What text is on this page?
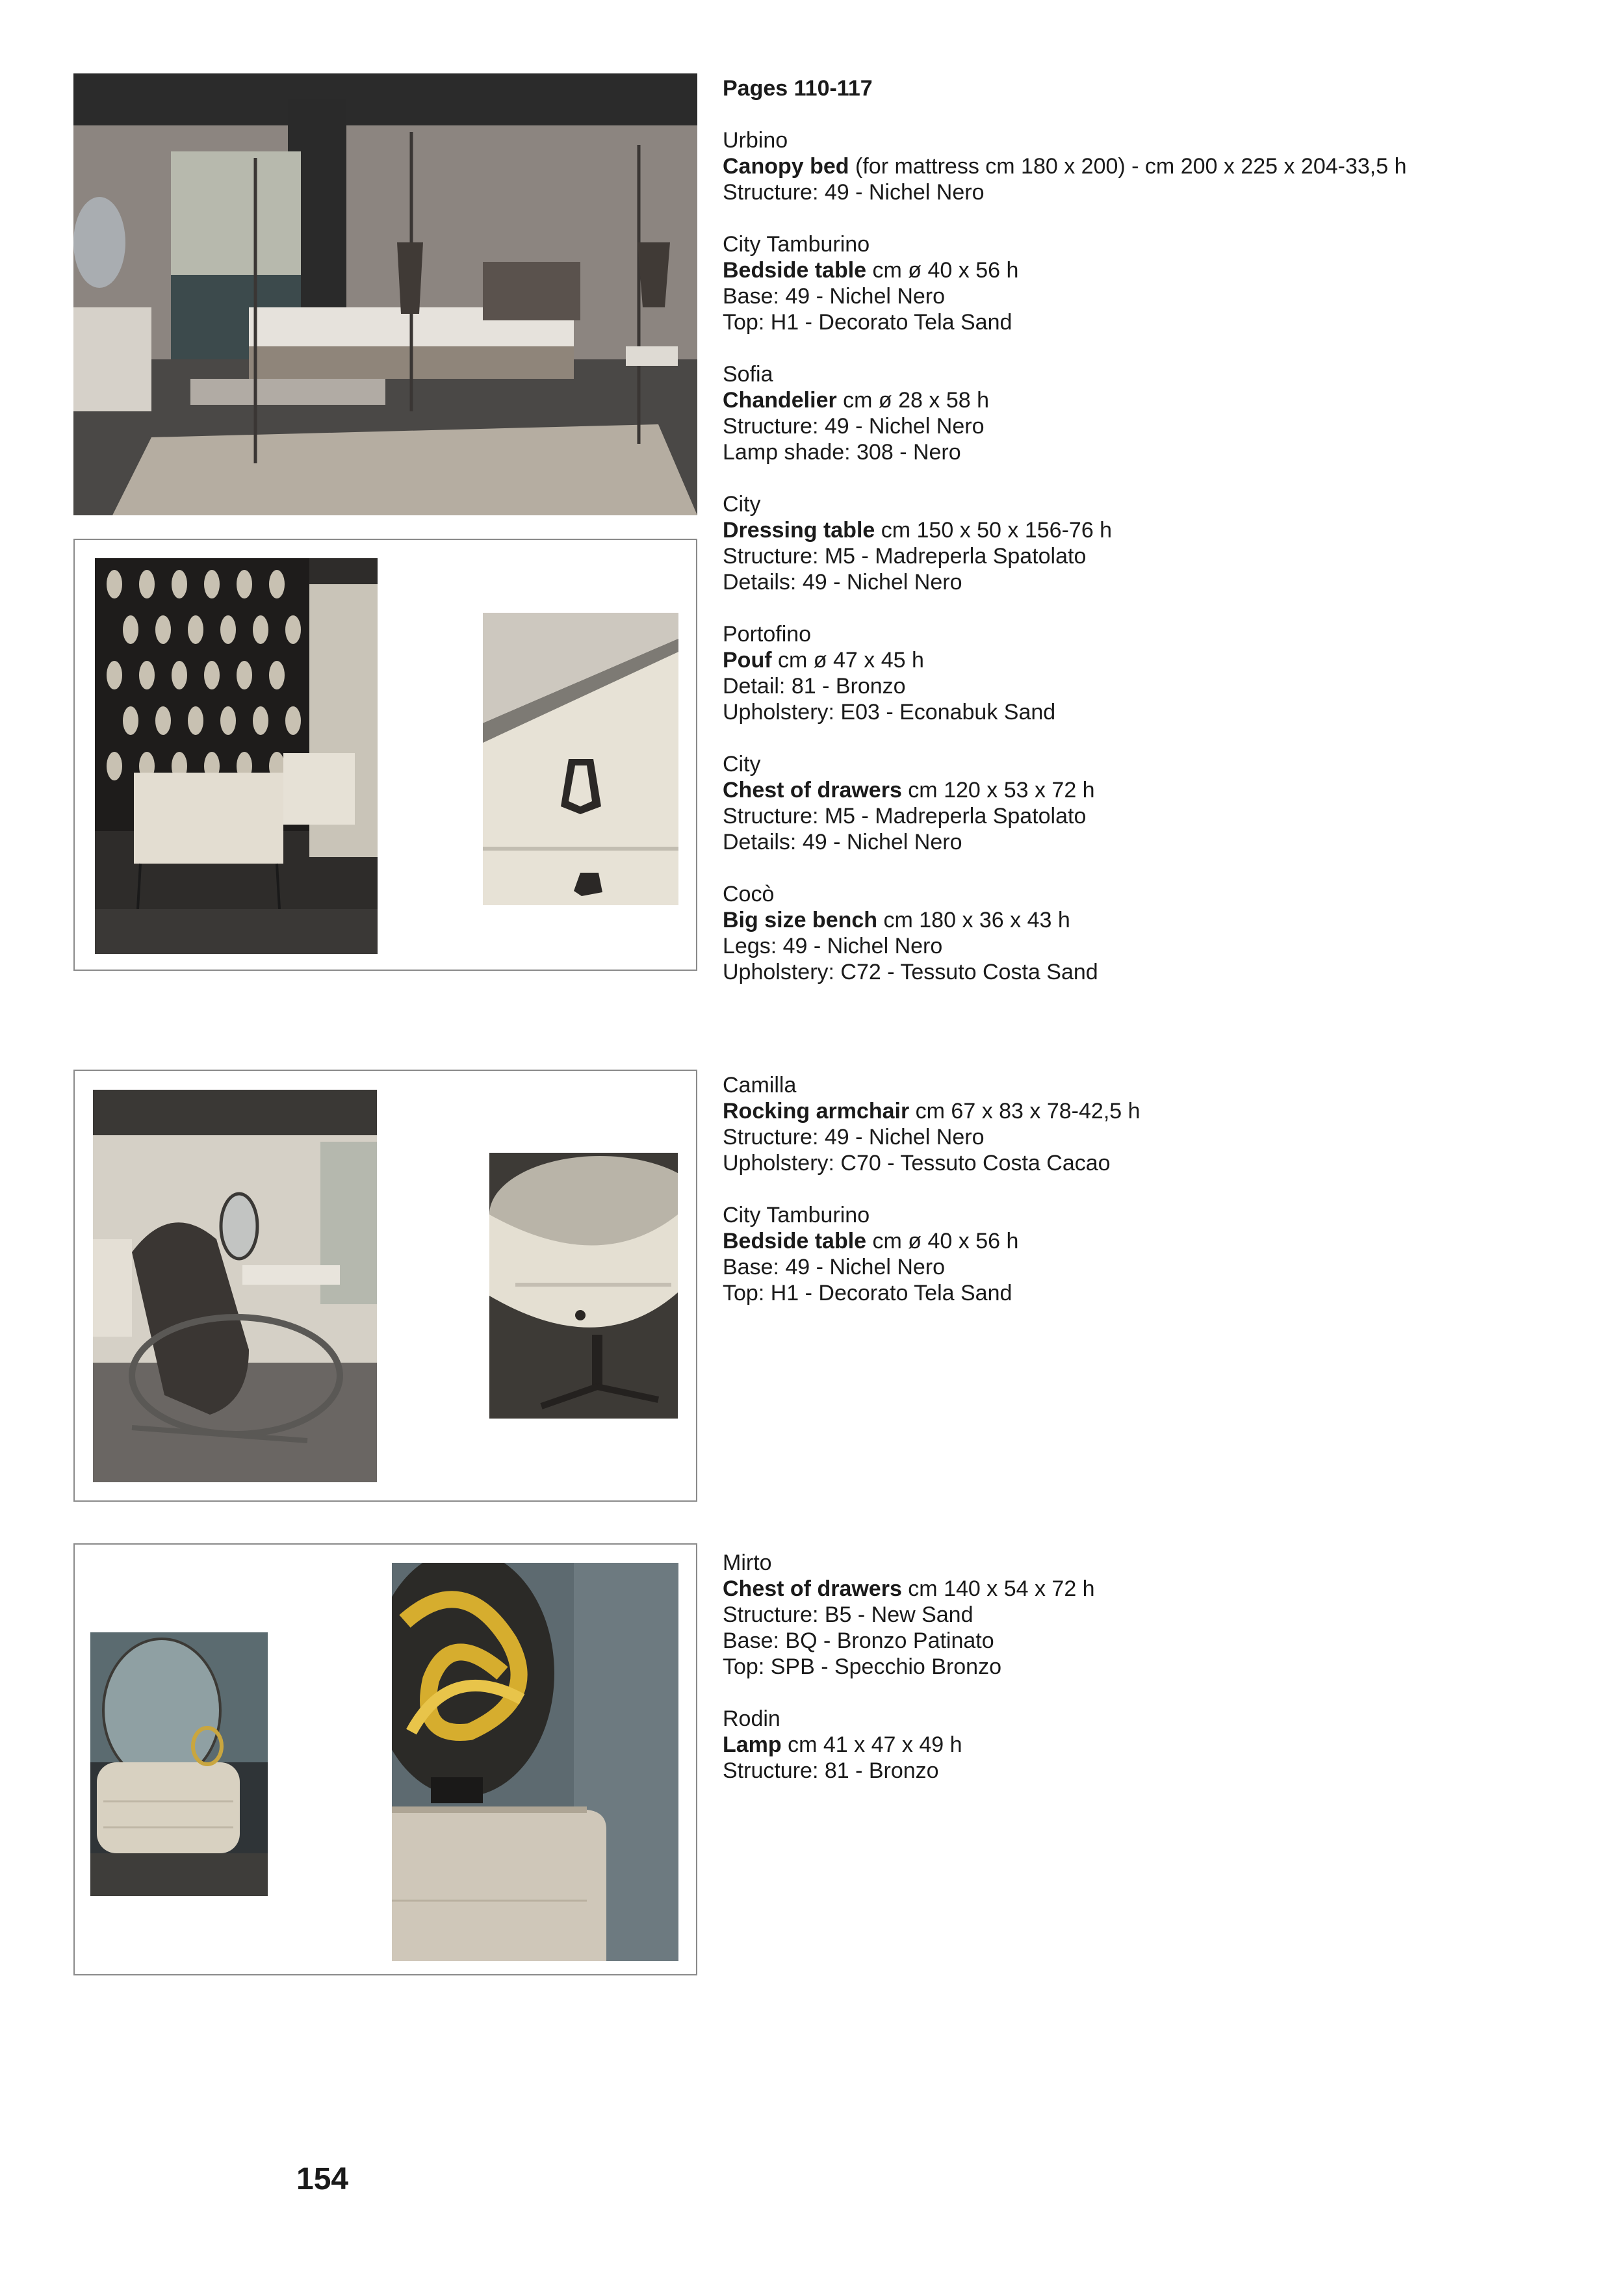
Pages 110-117
Urbino
Canopy bed (for mattress cm 180 x 200) - cm 200 x 225 x 204-33,5 h
Structure: 49 - Nichel Nero
City Tamburino
Bedside table cm ø 40 x 56 h
Base: 49 - Nichel Nero
Top: H1 - Decorato Tela Sand
Sofia
Chandelier cm ø 28 x 58 h
Structure: 49 - Nichel Nero
Lamp shade: 308 - Nero
City
Dressing table cm 150 x 50 x 156-76 h
Structure: M5 - Madreperla Spatolato
Details: 49 - Nichel Nero
Portofino
Pouf cm ø 47 x 45 h
Detail: 81 - Bronzo
Upholstery: E03 - Econabuk Sand
City
Chest of drawers cm 120 x 53 x 72 h
Structure: M5 - Madreperla Spatolato
Details: 49 - Nichel Nero
Cocò
Big size bench cm 180 x 36 x 43 h
Legs: 49 - Nichel Nero
Upholstery: C72 - Tessuto Costa Sand
Camilla
Rocking armchair cm 67 x 83 x 78-42,5 h
Structure: 49 - Nichel Nero
Upholstery: C70 - Tessuto Costa Cacao
City Tamburino
Bedside table cm ø 40 x 56 h
Base: 49 - Nichel Nero
Top: H1 - Decorato Tela Sand
Mirto
Chest of drawers cm 140 x 54 x 72 h
Structure: B5 - New Sand
Base: BQ - Bronzo Patinato
Top: SPB - Specchio Bronzo
Rodin
Lamp cm 41 x 47 x 49 h
Structure: 81 - Bronzo
154
